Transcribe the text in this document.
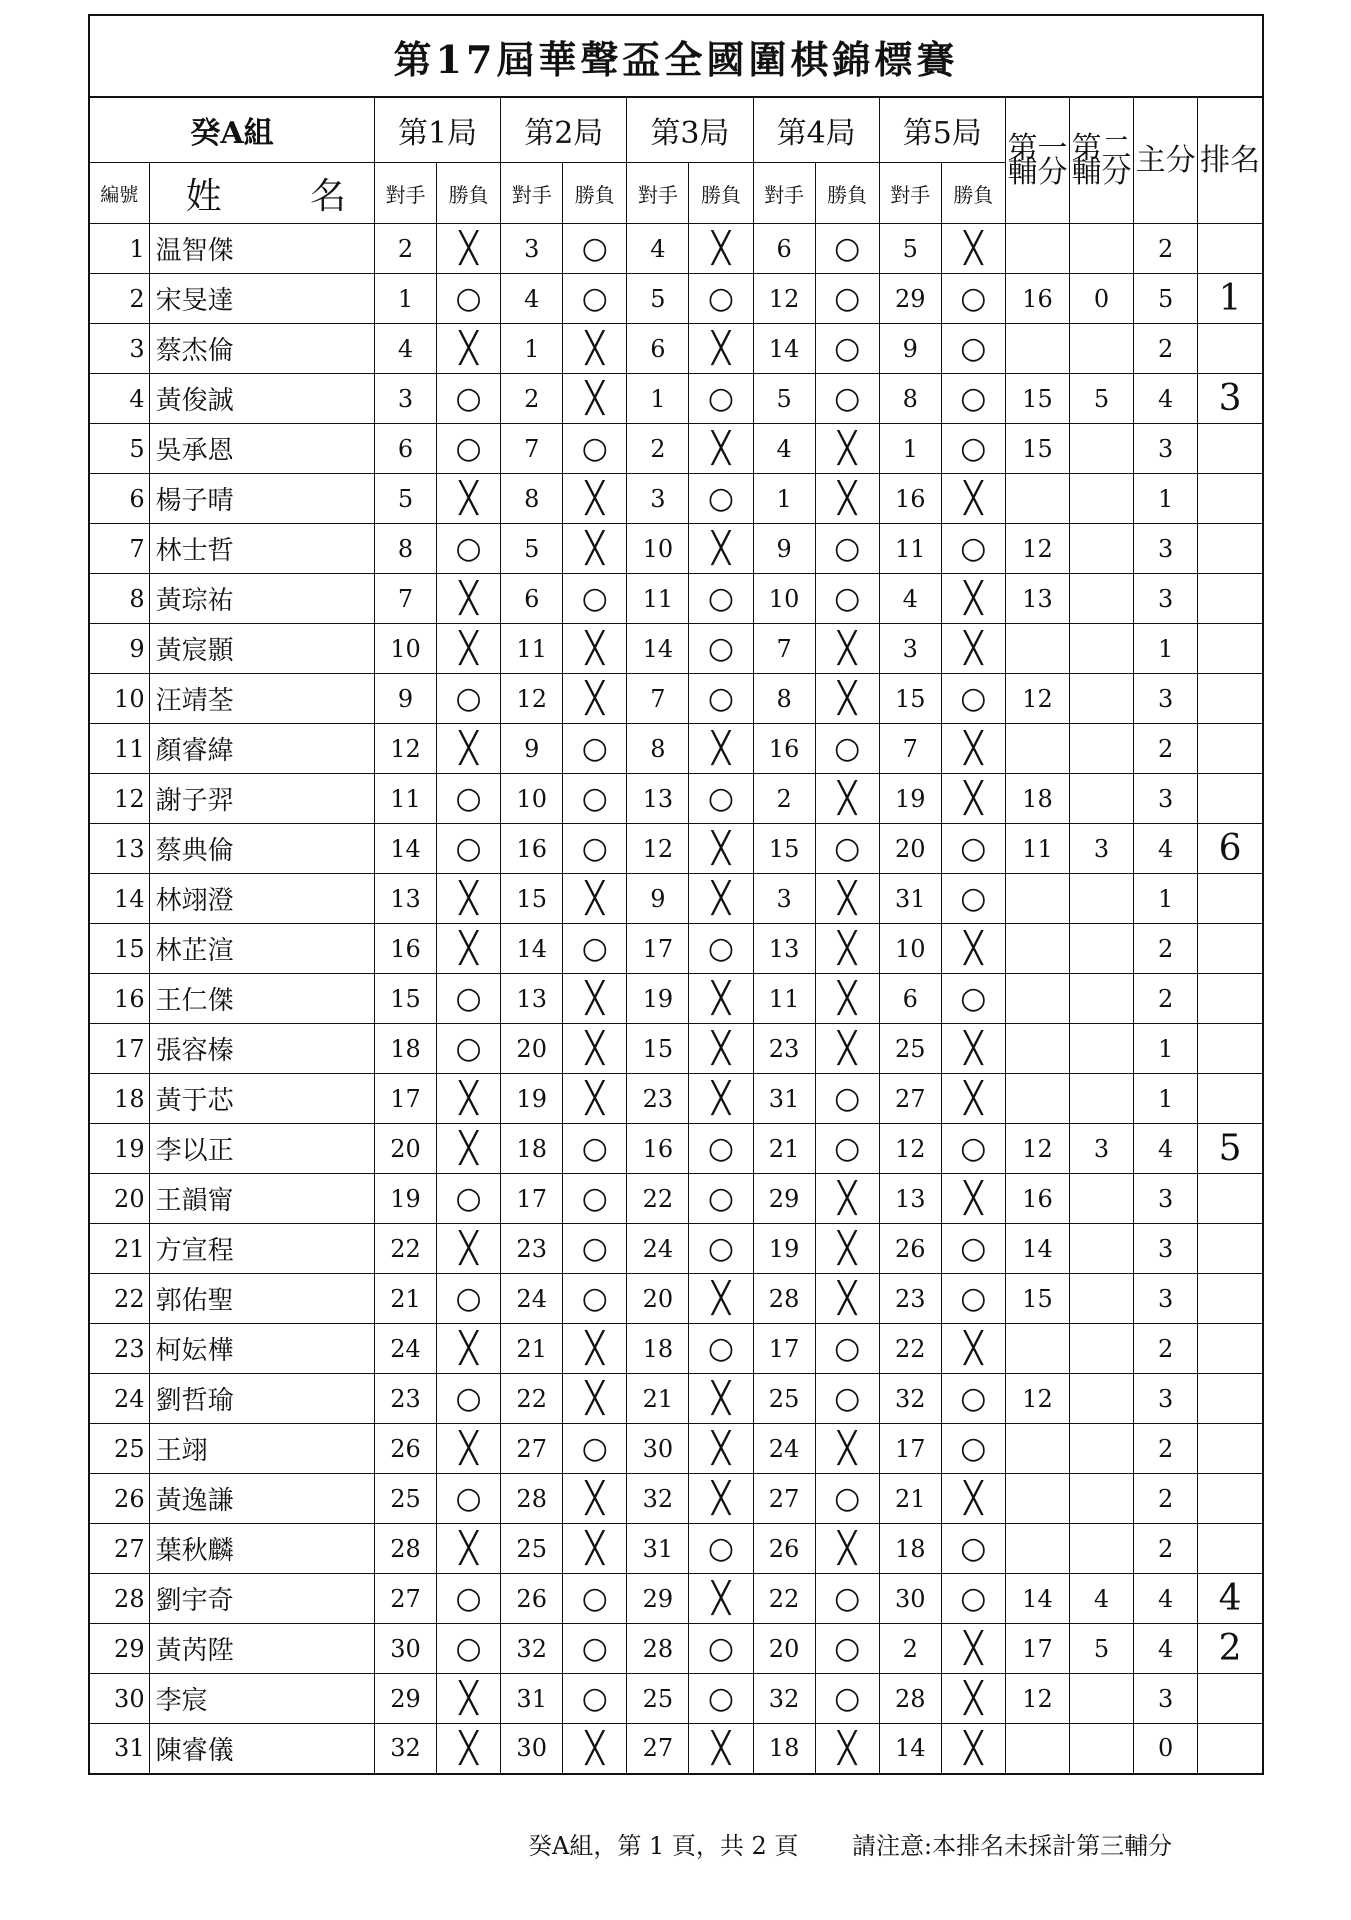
第17屆華聲盃全國圍棋錦標賽
癸A組		第1局		第2局		第3局		第4局		第5局		第一輔分	第二輔分	主分	排名
編號	姓 名	對手	勝負	對手	勝負	對手	勝負	對手	勝負	對手	勝負				
1	温智傑	2	╳	3	○	4	╳	6	○	5	╳			2	
2	宋旻達	1	○	4	○	5	○	12	○	29	○	16	0	5	1
3	蔡杰倫	4	╳	1	╳	6	╳	14	○	9	○			2	
4	黃俊誠	3	○	2	╳	1	○	5	○	8	○	15	5	4	3
5	吳承恩	6	○	7	○	2	╳	4	╳	1	○	15		3	
6	楊子晴	5	╳	8	╳	3	○	1	╳	16	╳			1	
7	林士哲	8	○	5	╳	10	╳	9	○	11	○	12		3	
8	黃琮祐	7	╳	6	○	11	○	10	○	4	╳	13		3	
9	黃宸顥	10	╳	11	╳	14	○	7	╳	3	╳			1	
10	汪靖荃	9	○	12	╳	7	○	8	╳	15	○	12		3	
11	顏睿緯	12	╳	9	○	8	╳	16	○	7	╳			2	
12	謝子羿	11	○	10	○	13	○	2	╳	19	╳	18		3	
13	蔡典倫	14	○	16	○	12	╳	15	○	20	○	11	3	4	6
14	林翊澄	13	╳	15	╳	9	╳	3	╳	31	○			1	
15	林芷渲	16	╳	14	○	17	○	13	╳	10	╳			2	
16	王仁傑	15	○	13	╳	19	╳	11	╳	6	○			2	
17	張容榛	18	○	20	╳	15	╳	23	╳	25	╳			1	
18	黃于芯	17	╳	19	╳	23	╳	31	○	27	╳			1	
19	李以正	20	╳	18	○	16	○	21	○	12	○	12	3	4	5
20	王韻甯	19	○	17	○	22	○	29	╳	13	╳	16		3	
21	方宣程	22	╳	23	○	24	○	19	╳	26	○	14		3	
22	郭佑聖	21	○	24	○	20	╳	28	╳	23	○	15		3	
23	柯妘樺	24	╳	21	╳	18	○	17	○	22	╳			2	
24	劉哲瑜	23	○	22	╳	21	╳	25	○	32	○	12		3	
25	王翊	26	╳	27	○	30	╳	24	╳	17	○			2	
26	黃逸謙	25	○	28	╳	32	╳	27	○	21	╳			2	
27	葉秋麟	28	╳	25	╳	31	○	26	╳	18	○			2	
28	劉宇奇	27	○	26	○	29	╳	22	○	30	○	14	4	4	4
29	黃芮陞	30	○	32	○	28	○	20	○	2	╳	17	5	4	2
30	李宸	29	╳	31	○	25	○	32	○	28	╳	12		3	
31	陳睿儀	32	╳	30	╳	27	╳	18	╳	14	╳			0	
癸A組，第 1 頁，共 2 頁 請注意:本排名未採計第三輔分
